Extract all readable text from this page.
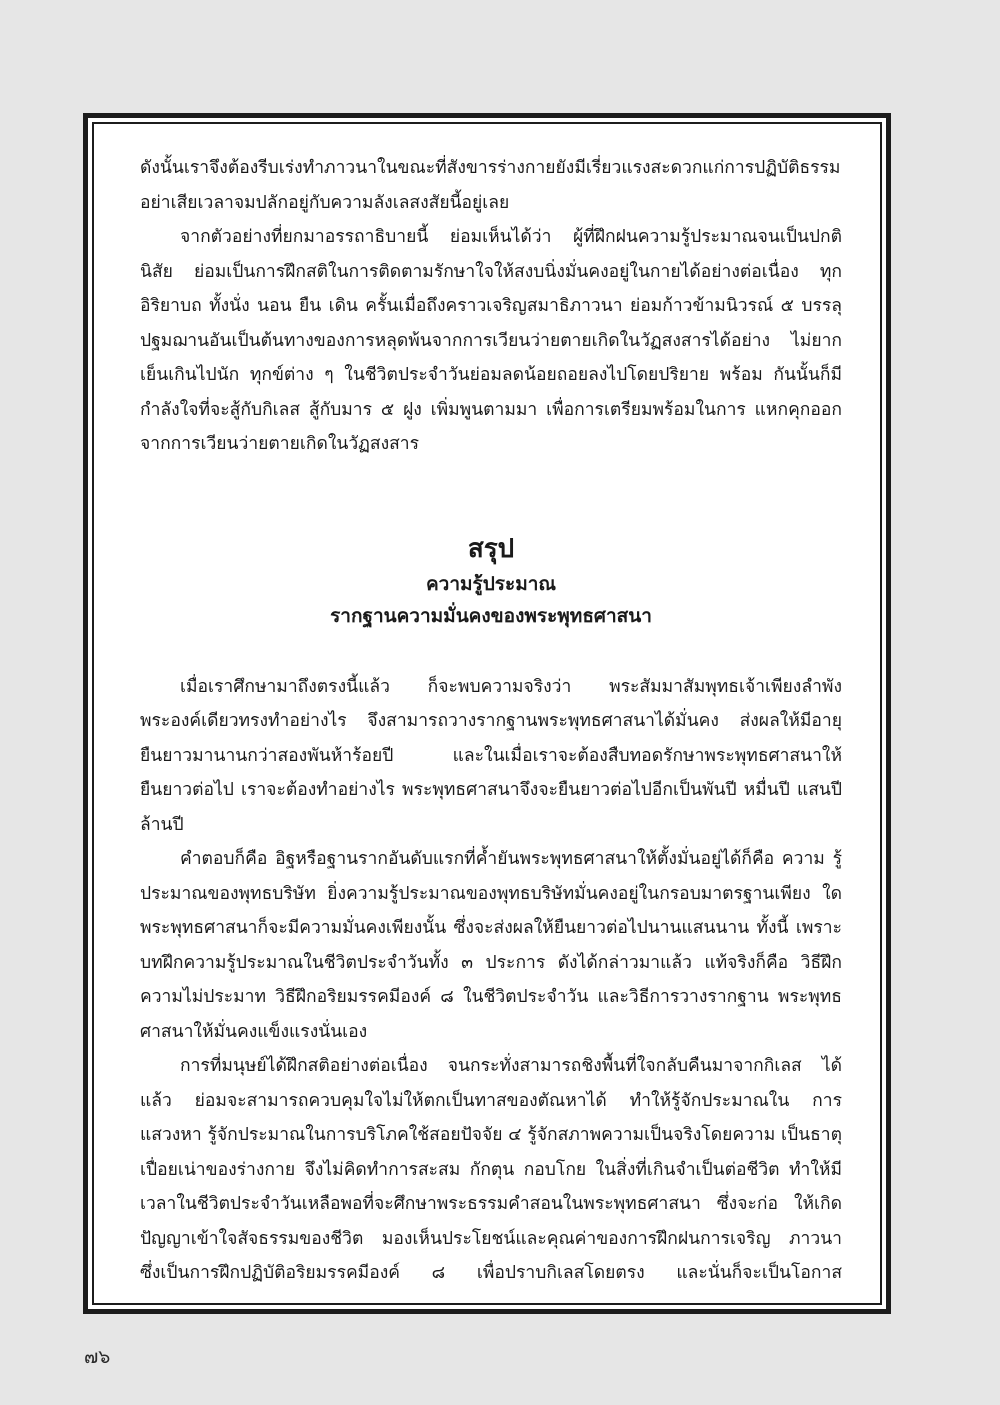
ดังนั้นเราจึงต้องรีบเร่งทำภาวนาในขณะที่สังขารร่างกายยังมีเรี่ยวแรงสะดวกแก่การปฏิบัติธรรม อย่าเสียเวลาจมปลักอยู่กับความลังเลสงสัยนี้อยู่เลย

จากตัวอย่างที่ยกมาอรรถาธิบายนี้ ย่อมเห็นได้ว่า ผู้ที่ฝึกฝนความรู้ประมาณจนเป็นปกติ นิสัย ย่อมเป็นการฝึกสติในการติดตามรักษาใจให้สงบนิ่งมั่นคงอยู่ในกายได้อย่างต่อเนื่อง ทุกอิริยาบถ ทั้งนั่ง นอน ยืน เดิน ครั้นเมื่อถึงคราวเจริญสมาธิภาวนา ย่อมก้าวข้ามนิวรณ์ ๕ บรรลุปฐมฌานอันเป็นต้นทางของการหลุดพ้นจากการเวียนว่ายตายเกิดในวัฏสงสารได้อย่าง ไม่ยากเย็นเกินไปนัก ทุกข์ต่าง ๆ ในชีวิตประจำวันย่อมลดน้อยถอยลงไปโดยปริยาย พร้อม กันนั้นก็มีกำลังใจที่จะสู้กับกิเลส สู้กับมาร ๕ ฝูง เพิ่มพูนตามมา เพื่อการเตรียมพร้อมในการ แหกคุกออกจากการเวียนว่ายตายเกิดในวัฏสงสาร

สรุป
ความรู้ประมาณ
รากฐานความมั่นคงของพระพุทธศาสนา

เมื่อเราศึกษามาถึงตรงนี้แล้ว ก็จะพบความจริงว่า พระสัมมาสัมพุทธเจ้าเพียงลำพัง พระองค์เดียวทรงทำอย่างไร จึงสามารถวางรากฐานพระพุทธศาสนาได้มั่นคง ส่งผลให้มีอายุ ยืนยาวมานานกว่าสองพันห้าร้อยปี และในเมื่อเราจะต้องสืบทอดรักษาพระพุทธศาสนาให้ ยืนยาวต่อไป เราจะต้องทำอย่างไร พระพุทธศาสนาจึงจะยืนยาวต่อไปอีกเป็นพันปี หมื่นปี แสนปี ล้านปี

คำตอบก็คือ อิฐหรือฐานรากอันดับแรกที่ค้ำยันพระพุทธศาสนาให้ตั้งมั่นอยู่ได้ก็คือ ความ รู้ประมาณของพุทธบริษัท ยิ่งความรู้ประมาณของพุทธบริษัทมั่นคงอยู่ในกรอบมาตรฐานเพียง ใด พระพุทธศาสนาก็จะมีความมั่นคงเพียงนั้น ซึ่งจะส่งผลให้ยืนยาวต่อไปนานแสนนาน ทั้งนี้ เพราะบทฝึกความรู้ประมาณในชีวิตประจำวันทั้ง ๓ ประการ ดังได้กล่าวมาแล้ว แท้จริงก็คือ วิธีฝึกความไม่ประมาท วิธีฝึกอริยมรรคมีองค์ ๘ ในชีวิตประจำวัน และวิธีการวางรากฐาน พระพุทธศาสนาให้มั่นคงแข็งแรงนั่นเอง

การที่มนุษย์ได้ฝึกสติอย่างต่อเนื่อง จนกระทั่งสามารถชิงพื้นที่ใจกลับคืนมาจากกิเลส ได้แล้ว ย่อมจะสามารถควบคุมใจไม่ให้ตกเป็นทาสของตัณหาได้ ทำให้รู้จักประมาณใน การแสวงหา รู้จักประมาณในการบริโภคใช้สอยปัจจัย ๔ รู้จักสภาพความเป็นจริงโดยความ เป็นธาตุเปื่อยเน่าของร่างกาย จึงไม่คิดทำการสะสม กักตุน กอบโกย ในสิ่งที่เกินจำเป็นต่อชีวิต ทำให้มีเวลาในชีวิตประจำวันเหลือพอที่จะศึกษาพระธรรมคำสอนในพระพุทธศาสนา ซึ่งจะก่อ ให้เกิดปัญญาเข้าใจสัจธรรมของชีวิต มองเห็นประโยชน์และคุณค่าของการฝึกฝนการเจริญ ภาวนา ซึ่งเป็นการฝึกปฏิบัติอริยมรรคมีองค์ ๘ เพื่อปราบกิเลสโดยตรง และนั่นก็จะเป็นโอกาส

๗๖
